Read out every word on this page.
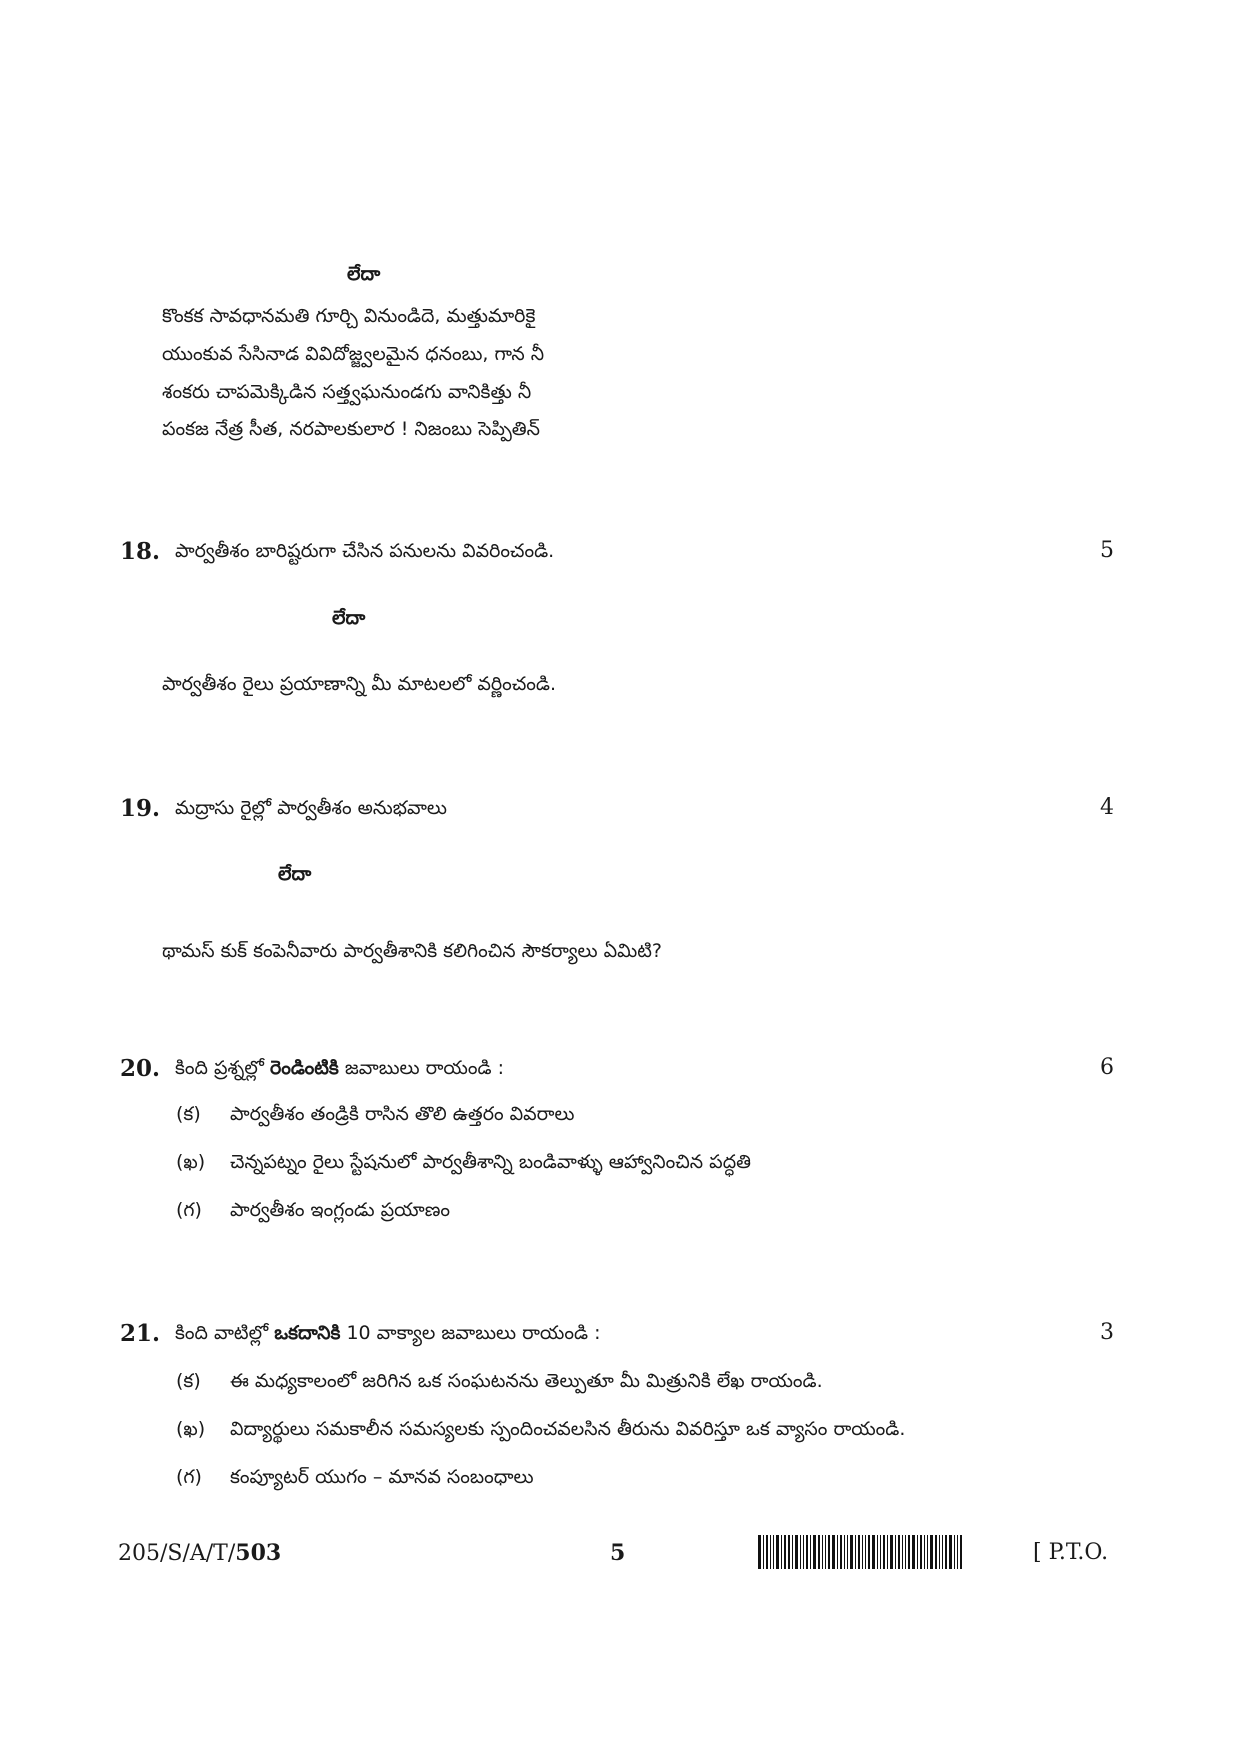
లేదా
కొంకక సావధానమతి గూర్చి వినుండిదె, మత్తుమారికై
యుంకువ సేసినాడ వివిదోజ్జ్వలమైన ధనంబు, గాన నీ
శంకరు చాపమెక్కిడిన సత్త్వఘనుండగు వానికిత్తు నీ
పంకజ నేత్ర సీత, నరపాలకులార ! నిజంబు సెప్పితిన్
18. పార్వతీశం బారిష్టరుగా చేసిన పనులను వివరించండి.	5
లేదా
పార్వతీశం రైలు ప్రయాణాన్ని మీ మాటలలో వర్ణించండి.
19. మద్రాసు రైల్లో పార్వతీశం అనుభవాలు	4
లేదా
థామస్ కుక్ కంపెనీవారు పార్వతీశానికి కలిగించిన సౌకర్యాలు ఏమిటి?
20. కింది ప్రశ్నల్లో రెండింటికి జవాబులు రాయండి :	6
(క) పార్వతీశం తండ్రికి రాసిన తొలి ఉత్తరం వివరాలు
(ఖ) చెన్నపట్నం రైలు స్టేషనులో పార్వతీశాన్ని బండివాళ్ళు ఆహ్వానించిన పద్ధతి
(గ) పార్వతీశం ఇంగ్లండు ప్రయాణం
21. కింది వాటిల్లో ఒకదానికి 10 వాక్యాల జవాబులు రాయండి :	3
(క) ఈ మధ్యకాలంలో జరిగిన ఒక సంఘటనను తెల్పుతూ మీ మిత్రునికి లేఖ రాయండి.
(ఖ) విద్యార్థులు సమకాలీన సమస్యలకు స్పందించవలసిన తీరును వివరిస్తూ ఒక వ్యాసం రాయండి.
(గ) కంప్యూటర్ యుగం – మానవ సంబంధాలు
205/S/A/T/503	5	[ P.T.O.
